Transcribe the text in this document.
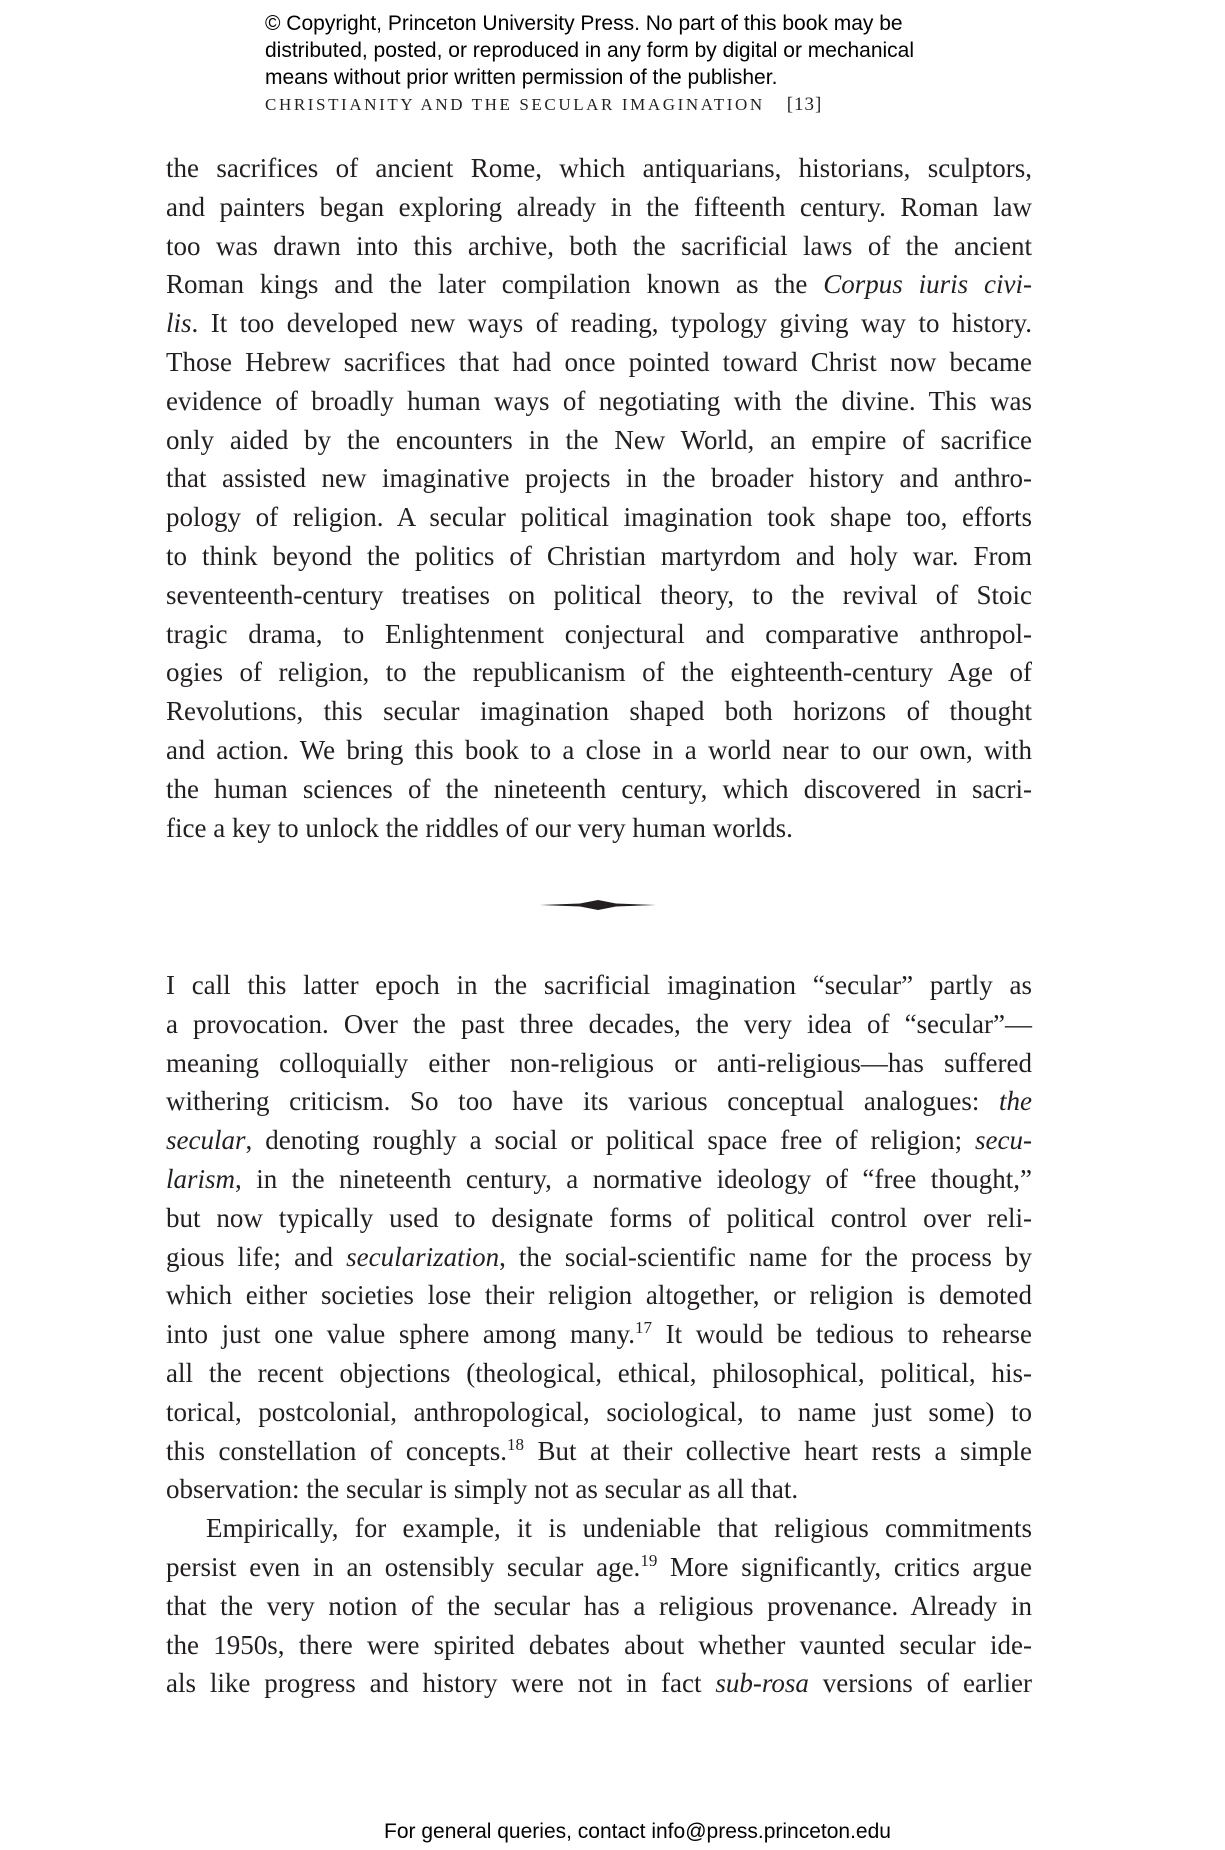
© Copyright, Princeton University Press. No part of this book may be
distributed, posted, or reproduced in any form by digital or mechanical
means without prior written permission of the publisher.
CHRISTIANITY AND THE SECULAR IMAGINATION [13]
the sacrifices of ancient Rome, which antiquarians, historians, sculptors,
and painters began exploring already in the fifteenth century. Roman law
too was drawn into this archive, both the sacrificial laws of the ancient
Roman kings and the later compilation known as the Corpus iuris civi-
lis. It too developed new ways of reading, typology giving way to history.
Those Hebrew sacrifices that had once pointed toward Christ now became
evidence of broadly human ways of negotiating with the divine. This was
only aided by the encounters in the New World, an empire of sacrifice
that assisted new imaginative projects in the broader history and anthro-
pology of religion. A secular political imagination took shape too, efforts
to think beyond the politics of Christian martyrdom and holy war. From
seventeenth-century treatises on political theory, to the revival of Stoic
tragic drama, to Enlightenment conjectural and comparative anthropol-
ogies of religion, to the republicanism of the eighteenth-century Age of
Revolutions, this secular imagination shaped both horizons of thought
and action. We bring this book to a close in a world near to our own, with
the human sciences of the nineteenth century, which discovered in sacri-
fice a key to unlock the riddles of our very human worlds.
I call this latter epoch in the sacrificial imagination “secular” partly as
a provocation. Over the past three decades, the very idea of “secular”—
meaning colloquially either non-religious or anti-religious—has suffered
withering criticism. So too have its various conceptual analogues: the
secular, denoting roughly a social or political space free of religion; secu-
larism, in the nineteenth century, a normative ideology of “free thought,”
but now typically used to designate forms of political control over reli-
gious life; and secularization, the social-scientific name for the process by
which either societies lose their religion altogether, or religion is demoted
into just one value sphere among many.$^{17}$ It would be tedious to rehearse
all the recent objections (theological, ethical, philosophical, political, his-
torical, postcolonial, anthropological, sociological, to name just some) to
this constellation of concepts.$^{18}$ But at their collective heart rests a simple
observation: the secular is simply not as secular as all that.
Empirically, for example, it is undeniable that religious commitments
persist even in an ostensibly secular age.$^{19}$ More significantly, critics argue
that the very notion of the secular has a religious provenance. Already in
the 1950s, there were spirited debates about whether vaunted secular ide-
als like progress and history were not in fact sub-rosa versions of earlier
For general queries, contact info@press.princeton.edu
